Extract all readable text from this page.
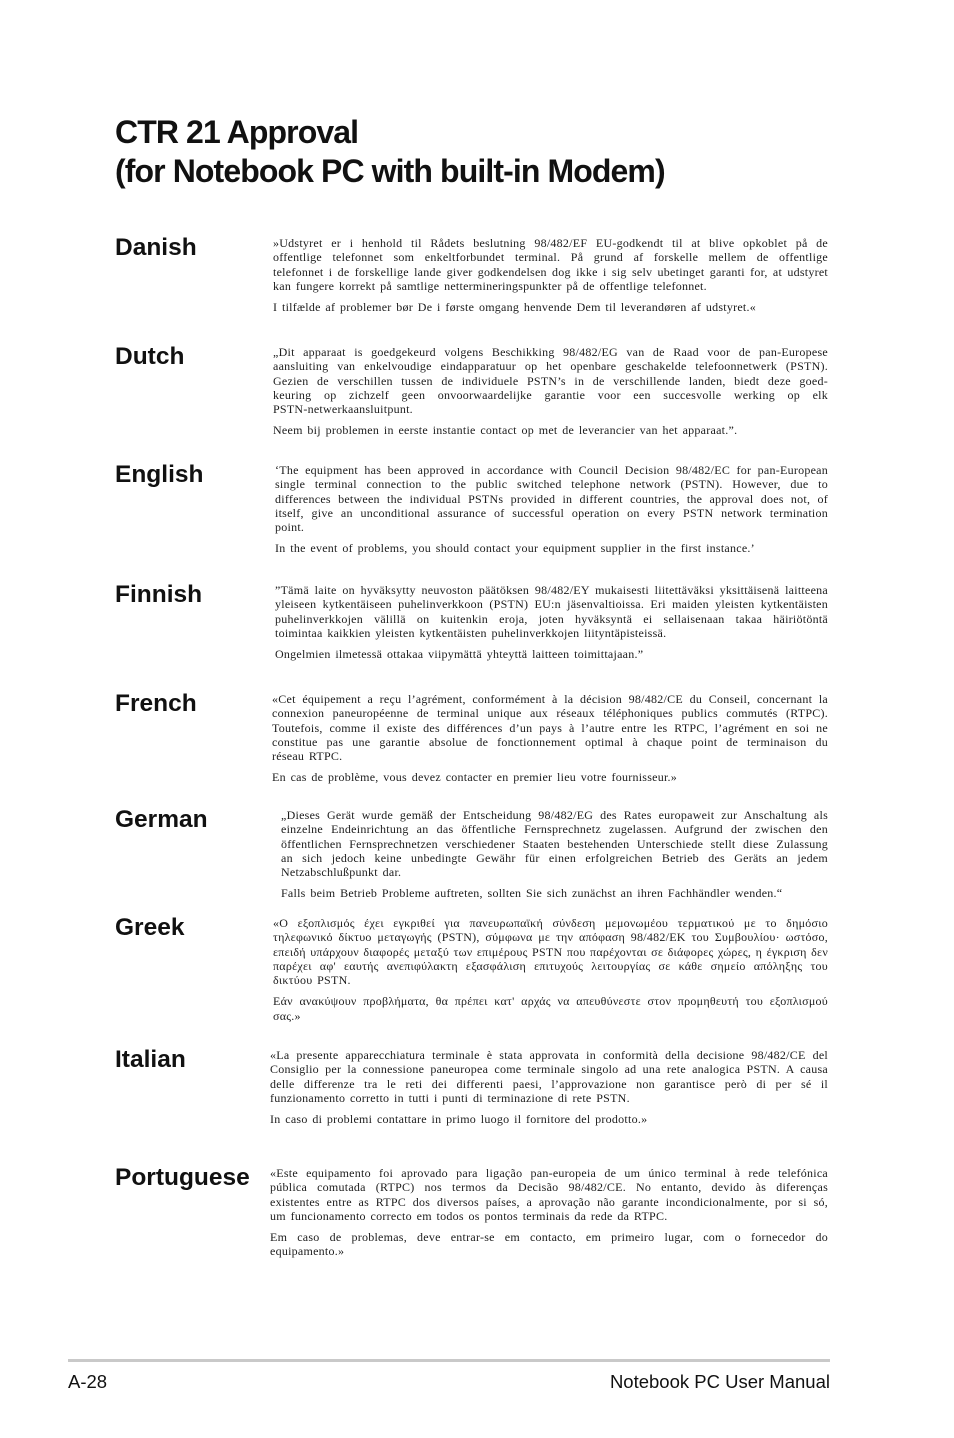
CTR 21 Approval
(for Notebook PC with built-in Modem)
Danish	»Udstyret er i henhold til Rådets beslutning 98/482/EF EU-godkendt til at blive opkoblet på de
offentlige telefonnet som enkeltforbundet terminal. På grund af forskelle mellem de offentlige
telefonnet i de forskellige lande giver godkendelsen dog ikke i sig selv ubetinget garanti for, at udstyret
kan fungere korrekt på samtlige nettermineringspunkter på de offentlige telefonnet.
I tilfælde af problemer bør De i første omgang henvende Dem til leverandøren af udstyret.«
Dutch	„Dit apparaat is goedgekeurd volgens Beschikking 98/482/EG van de Raad voor de pan-Europese
aansluiting van enkelvoudige eindapparatuur op het openbare geschakelde telefoonnetwerk (PSTN).
Gezien de verschillen tussen de individuele PSTN’s in de verschillende landen, biedt deze goed-
keuring op zichzelf geen onvoorwaardelijke garantie voor een succesvolle werking op elk
PSTN-netwerkaansluitpunt.
Neem bij problemen in eerste instantie contact op met de leverancier van het apparaat.”.
English	‘The equipment has been approved in accordance with Council Decision 98/482/EC for pan-European
single terminal connection to the public switched telephone network (PSTN). However, due to
differences between the individual PSTNs provided in different countries, the approval does not, of
itself, give an unconditional assurance of successful operation on every PSTN network termination
point.
In the event of problems, you should contact your equipment supplier in the first instance.’
Finnish	”Tämä laite on hyväksytty neuvoston päätöksen 98/482/EY mukaisesti liitettäväksi yksittäisenä laitteena
yleiseen kytkentäiseen puhelinverkkoon (PSTN) EU:n jäsenvaltioissa. Eri maiden yleisten kytkentäisten
puhelinverkkojen välillä on kuitenkin eroja, joten hyväksyntä ei sellaisenaan takaa häiriötöntä
toimintaa kaikkien yleisten kytkentäisten puhelinverkkojen liityntäpisteissä.
Ongelmien ilmetessä ottakaa viipymättä yhteyttä laitteen toimittajaan.”
French	«Cet équipement a reçu l’agrément, conformément à la décision 98/482/CE du Conseil, concernant la
connexion paneuropéenne de terminal unique aux réseaux téléphoniques publics commutés (RTPC).
Toutefois, comme il existe des différences d’un pays à l’autre entre les RTPC, l’agrément en soi ne
constitue pas une garantie absolue de fonctionnement optimal à chaque point de terminaison du
réseau RTPC.
En cas de problème, vous devez contacter en premier lieu votre fournisseur.»
German	„Dieses Gerät wurde gemäß der Entscheidung 98/482/EG des Rates europaweit zur Anschaltung als
einzelne Endeinrichtung an das öffentliche Fernsprechnetz zugelassen. Aufgrund der zwischen den
öffentlichen Fernsprechnetzen verschiedener Staaten bestehenden Unterschiede stellt diese Zulassung
an sich jedoch keine unbedingte Gewähr für einen erfolgreichen Betrieb des Geräts an jedem
Netzabschlußpunkt dar.
Falls beim Betrieb Probleme auftreten, sollten Sie sich zunächst an ihren Fachhändler wenden.“
Greek	«Ο εξοπλισμός έχει εγκριθεί για πανευρωπαϊκή σύνδεση μεμονωμέου τερματικού με το δημόσιο
τηλεφωνικό δίκτυο μεταγωγής (PSTN), σύμφωνα με την απόφαση 98/482/ΕΚ του Συμβουλίου· ωστόσο,
επειδή υπάρχουν διαφορές μεταξύ των επιμέρους PSTN που παρέχονται σε διάφορες χώρες, η έγκριση δεν
παρέχει αφ' εαυτής ανεπιφύλακτη εξασφάλιση επιτυχούς λειτουργίας σε κάθε σημείο απόληξης του
δικτύου PSTN.
Εάν ανακύψουν προβλήματα, θα πρέπει κατ' αρχάς να απευθύνεστε στον προμηθευτή του εξοπλισμού
σας.»
Italian	«La presente apparecchiatura terminale è stata approvata in conformità della decisione 98/482/CE del
Consiglio per la connessione paneuropea come terminale singolo ad una rete analogica PSTN. A causa
delle differenze tra le reti dei differenti paesi, l’approvazione non garantisce però di per sé il
funzionamento corretto in tutti i punti di terminazione di rete PSTN.
In caso di problemi contattare in primo luogo il fornitore del prodotto.»
Portuguese «Este equipamento foi aprovado para ligação pan-europeia de um único terminal à rede telefónica
pública comutada (RTPC) nos termos da Decisão 98/482/CE. No entanto, devido às diferenças
existentes entre as RTPC dos diversos países, a aprovação não garante incondicionalmente, por si só,
um funcionamento correcto em todos os pontos terminais da rede da RTPC.
Em caso de problemas, deve entrar-se em contacto, em primeiro lugar, com o fornecedor do
equipamento.»
A-28	Notebook PC User Manual
